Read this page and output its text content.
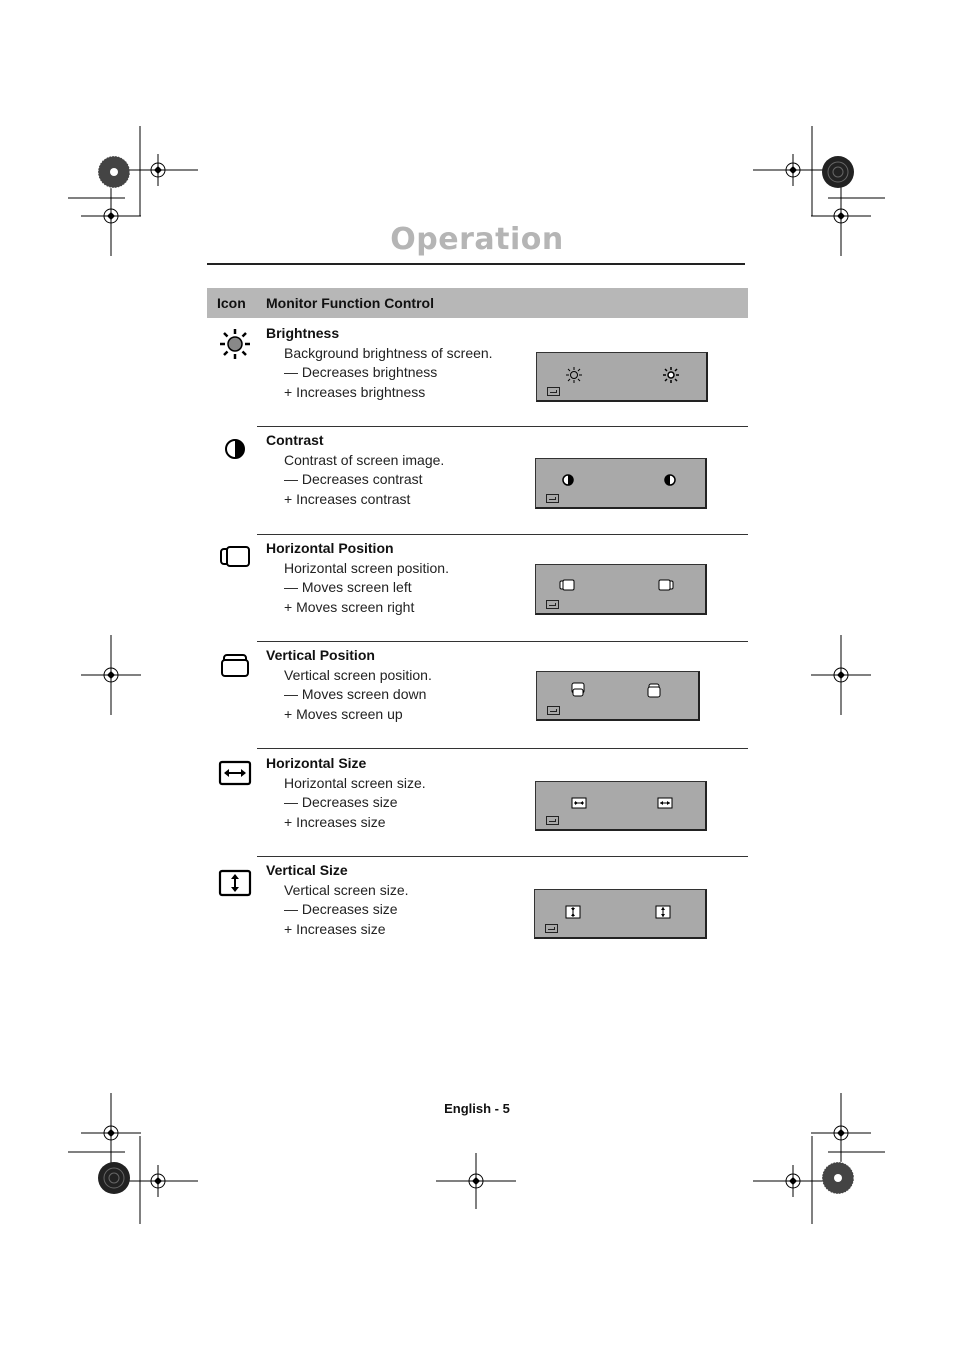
Operation
Icon Monitor Function Control
Brightness
Background brightness of screen.
— Decreases brightness
+ Increases brightness
Contrast
Contrast of screen image.
— Decreases contrast
+ Increases contrast
Horizontal Position
Horizontal screen position.
— Moves screen left
+ Moves screen right
Vertical Position
Vertical screen position.
— Moves screen down
+ Moves screen up
Horizontal Size
Horizontal screen size.
— Decreases size
+ Increases size
Vertical Size
Vertical screen size.
— Decreases size
+ Increases size
English - 5
